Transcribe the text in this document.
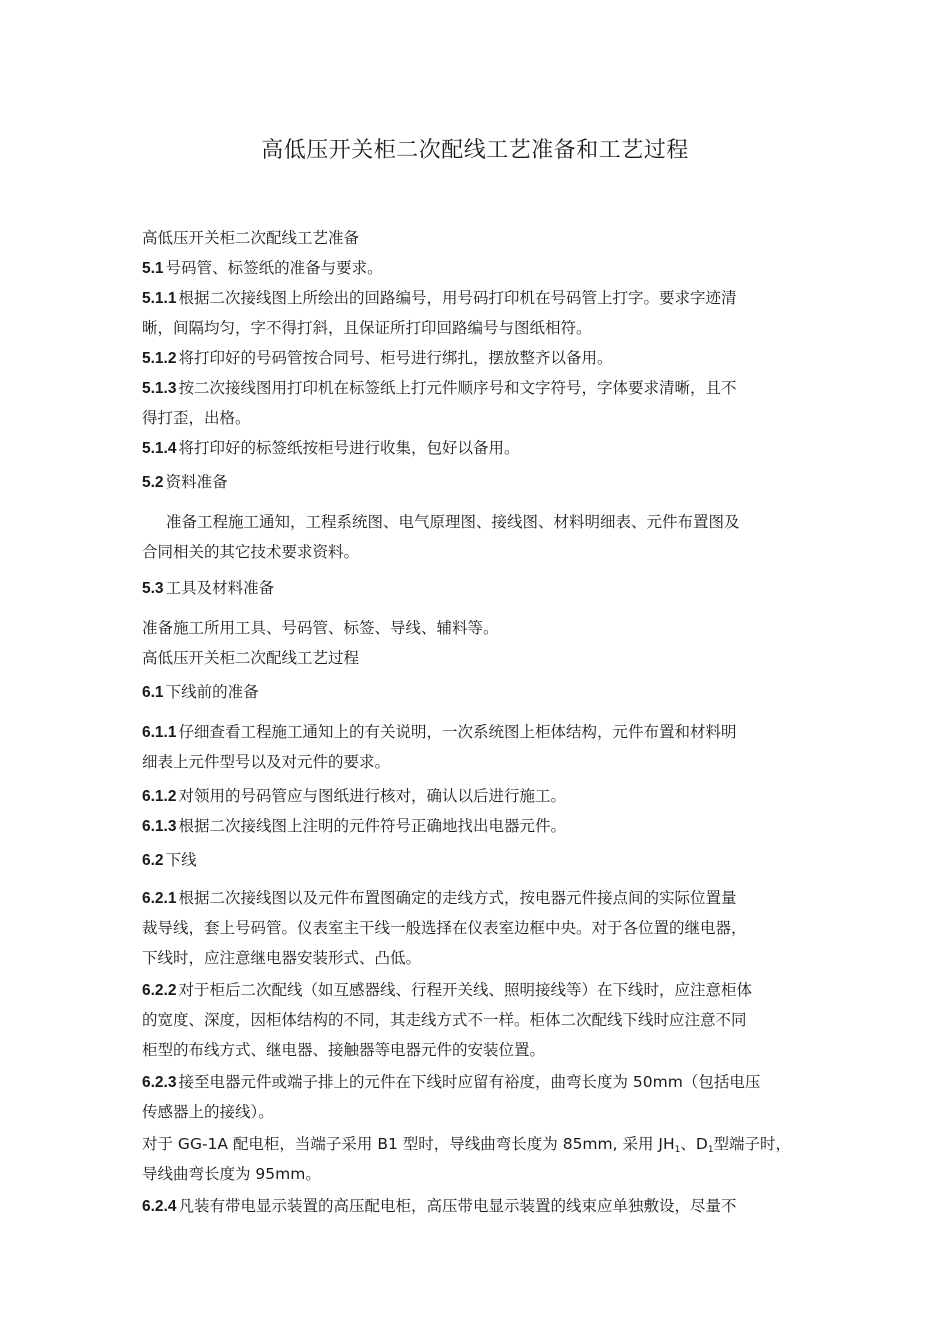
高低压开关柜二次配线工艺准备和工艺过程
高低压开关柜二次配线工艺准备
5.1 号码管、标签纸的准备与要求。
5.1.1 根据二次接线图上所绘出的回路编号，用号码打印机在号码管上打字。要求字迹清
晰，间隔均匀，字不得打斜，且保证所打印回路编号与图纸相符。
5.1.2 将打印好的号码管按合同号、柜号进行绑扎，摆放整齐以备用。
5.1.3 按二次接线图用打印机在标签纸上打元件顺序号和文字符号，字体要求清晰，且不
得打歪，出格。
5.1.4 将打印好的标签纸按柜号进行收集，包好以备用。
5.2 资料准备
准备工程施工通知，工程系统图、电气原理图、接线图、材料明细表、元件布置图及
合同相关的其它技术要求资料。
5.3 工具及材料准备
准备施工所用工具、号码管、标签、导线、辅料等。
高低压开关柜二次配线工艺过程
6.1 下线前的准备
6.1.1 仔细查看工程施工通知上的有关说明，一次系统图上柜体结构，元件布置和材料明
细表上元件型号以及对元件的要求。
6.1.2 对领用的号码管应与图纸进行核对，确认以后进行施工。
6.1.3 根据二次接线图上注明的元件符号正确地找出电器元件。
6.2 下线
6.2.1 根据二次接线图以及元件布置图确定的走线方式，按电器元件接点间的实际位置量
裁导线，套上号码管。仪表室主干线一般选择在仪表室边框中央。对于各位置的继电器，
下线时，应注意继电器安装形式、凸低。
6.2.2 对于柜后二次配线（如互感器线、行程开关线、照明接线等）在下线时，应注意柜体
的宽度、深度，因柜体结构的不同，其走线方式不一样。柜体二次配线下线时应注意不同
柜型的布线方式、继电器、接触器等电器元件的安装位置。
6.2.3 接至电器元件或端子排上的元件在下线时应留有裕度，曲弯长度为 50mm（包括电压
传感器上的接线）。
对于 GG-1A 配电柜，当端子采用 B1 型时，导线曲弯长度为 85mm, 采用 $JH_1$、$D_1$型端子时，
导线曲弯长度为 95mm。
6.2.4 凡装有带电显示装置的高压配电柜，高压带电显示装置的线束应单独敷设，尽量不
